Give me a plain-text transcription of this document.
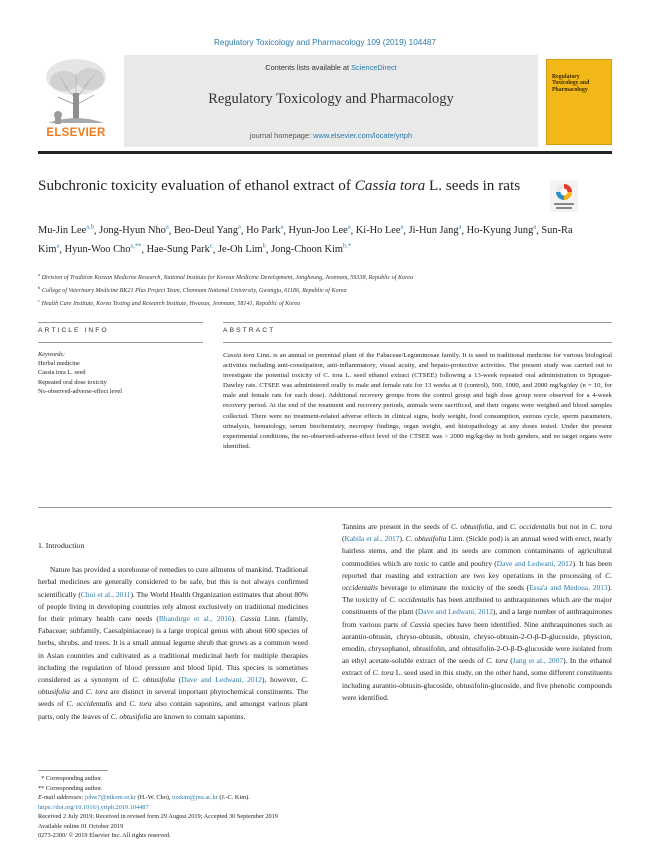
Regulatory Toxicology and Pharmacology 109 (2019) 104487
ELSEVIER
Contents lists available at ScienceDirect
Regulatory Toxicology and Pharmacology
journal homepage: www.elsevier.com/locate/yrtph
Regulatory Toxicology and Pharmacology
Subchronic toxicity evaluation of ethanol extract of Cassia tora L. seeds in rats
Mu-Jin Lee$^{a,b}$, Jong-Hyun Nho$^a$, Beo-Deul Yang$^a$, Ho Park$^a$, Hyun-Joo Lee$^a$, Ki-Ho Lee$^a$, Ji-Hun Jang$^a$, Ho-Kyung Jung$^a$, Sun-Ra Kim$^a$, Hyun-Woo Cho$^{a,**}$, Hae-Sung Park$^c$, Je-Oh Lim$^b$, Jong-Choon Kim$^{b,*}$
$^a$ Division of Tradition Korean Medicine Research, National Institute for Korean Medicine Development, Jangheung, Jeonnam, 59338, Republic of Korea
$^b$ College of Veterinary Medicine BK21 Plus Project Team, Chonnam National University, Gwangju, 61186, Republic of Korea
$^c$ Health Care Institute, Korea Testing and Research Institute, Hwasun, Jeonnam, 58141, Republic of Korea
ARTICLE INFO	ABSTRACT
Keywords:
Herbal medicine
Cassia tora L. seed
Repeated oral dose toxicity
No-observed-adverse-effect level
Cassia tora Linn. is an annual or perennial plant of the Fabaceae/Leguminosae family. It is used in traditional medicine for various biological activities including anti-constipation, anti-inflammatory, visual acuity, and hepato-protective activities. The present study was carried out to investigate the potential toxicity of C. tora L. seed ethanol extract (CTSEE) following a 13-week repeated oral administration to Sprague-Dawley rats. CTSEE was administered orally to male and female rats for 13 weeks at 0 (control), 500, 1000, and 2000 mg/kg/day (n = 10, for male and female rats for each dose). Additional recovery groups from the control group and high dose group were observed for a 4-week recovery period. At the end of the treatment and recovery periods, animals were sacrificed, and their organs were weighed and blood samples collected. There were no treatment-related adverse effects in clinical signs, body weight, food consumption, estrous cycle, sperm parameters, urinalysis, hematology, serum biochemistry, necropsy findings, organ weight, and histopathology at any doses tested. Under the present experimental conditions, the no-observed-adverse-effect level of the CTSEE was > 2000 mg/kg/day in both genders, and no target organs were identified.
1. Introduction

Nature has provided a storehouse of remedies to cure ailments of mankind. Traditional herbal medicines are generally considered to be safe, but this is not always confirmed scientifically (Choi et al., 2011). The World Health Organization estimates that about 80% of people living in developing countries rely almost exclusively on traditional medicines for their primary health care needs (Bhandirge et al., 2016). Cassia Linn. (family, Fabaceae; subfamily, Caesalpiniaceae) is a large tropical genus with about 600 species of herbs, shrubs, and trees. It is a small annual legume shrub that grows as a common weed in Asian countries and cultivated as a traditional medicinal herb for multiple therapies including the regulation of blood pressure and blood lipid. This species is sometimes considered as a synonym of C. obtusifolia (Dave and Ledwani, 2012), however, C. obtusifolia and C. tora are distinct in several important phytochemical constituents. The seeds of C. occidentalis and C. tora also contain saponins, and amongst various plant parts, only the leaves of C. obtusifolia are known to contain saponins.

Tannins are present in the seeds of C. obtusifolia, and C. occidentalis but not in C. tora (Kabila et al., 2017). C. obtusifolia Linn. (Sickle pod) is an annual weed with erect, nearly hairless stems, and the plant and its seeds are common contaminants of agricultural commodities which are toxic to cattle and poultry (Dave and Ledwani, 2012). It has been reported that roasting and extraction are two key operations in the processing of C. occidentalis beverage to eliminate the toxicity of the seeds (Essa'a and Medoua, 2013). The toxicity of C. occidentalis has been attributed to anthraquinones which are the major constituents of the plant (Dave and Ledwani, 2012), and a large number of anthraquinones from various parts of Cassia species have been identified. Nine anthraquinones such as aurantio-obtusin, chryso-obtusin, obtusin, chryso-obtusin-2-O-β-D-glucoside, physcion, emodin, chrysophanol, obtusifolin, and obtusifolin-2-O-β-D-glucoside were isolated from an ethyl acetate-soluble extract of the seeds of C. tora (Jang et al., 2007). In the ethanol extract of C. tora L. seed used in this study, on the other hand, some different constituents including aurantio-obtusin-glucoside, obtusifolin-glucoside, and five phenolic compounds were identified.

* Corresponding author.
** Corresponding author.
E-mail addresses: johw7@nikom.or.kr (H.-W. Cho), toxkim@jnu.ac.kr (J.-C. Kim).
https://doi.org/10.1016/j.yrtph.2019.104487
Received 2 July 2019; Received in revised form 29 August 2019; Accepted 30 September 2019
Available online 01 October 2019
0273-2300/ © 2019 Elsevier Inc. All rights reserved.
